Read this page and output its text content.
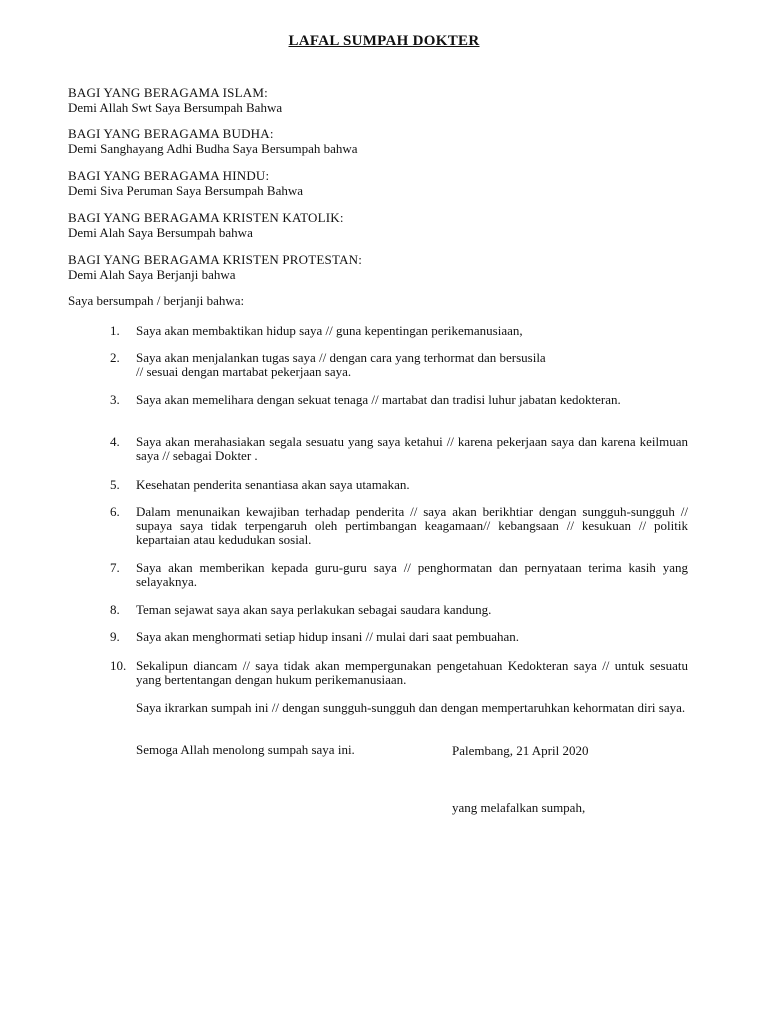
LAFAL SUMPAH DOKTER
BAGI YANG BERAGAMA ISLAM:
Demi Allah Swt Saya Bersumpah Bahwa
BAGI YANG BERAGAMA BUDHA:
Demi Sanghayang Adhi Budha Saya Bersumpah bahwa
BAGI YANG BERAGAMA HINDU:
Demi Siva Peruman Saya Bersumpah Bahwa
BAGI YANG BERAGAMA KRISTEN KATOLIK:
Demi Alah Saya Bersumpah bahwa
BAGI YANG BERAGAMA KRISTEN PROTESTAN:
Demi Alah Saya Berjanji bahwa
Saya bersumpah / berjanji bahwa:
1. Saya akan membaktikan hidup saya // guna kepentingan perikemanusiaan,
2. Saya akan menjalankan tugas saya // dengan cara yang terhormat dan bersusila
// sesuai dengan martabat pekerjaan saya.
3. Saya akan memelihara dengan sekuat tenaga // martabat dan tradisi luhur jabatan kedokteran.
4. Saya akan merahasiakan segala sesuatu yang saya ketahui // karena pekerjaan saya dan karena keilmuan saya // sebagai Dokter .
5. Kesehatan penderita senantiasa akan saya utamakan.
6. Dalam menunaikan kewajiban terhadap penderita // saya akan berikhtiar dengan sungguh-sungguh // supaya saya tidak terpengaruh oleh pertimbangan keagamaan// kebangsaan // kesukuan // politik kepartaian atau kedudukan sosial.
7. Saya akan memberikan kepada guru-guru saya // penghormatan dan pernyataan terima kasih yang selayaknya.
8. Teman sejawat saya akan saya perlakukan sebagai saudara kandung.
9. Saya akan menghormati setiap hidup insani // mulai dari saat pembuahan.
10. Sekalipun diancam // saya tidak akan mempergunakan pengetahuan Kedokteran saya // untuk sesuatu yang bertentangan dengan hukum perikemanusiaan.
Saya ikrarkan sumpah ini // dengan sungguh-sungguh dan dengan mempertaruhkan kehormatan diri saya.
Semoga Allah menolong sumpah saya ini.	Palembang, 21 April 2020
yang melafalkan sumpah,
